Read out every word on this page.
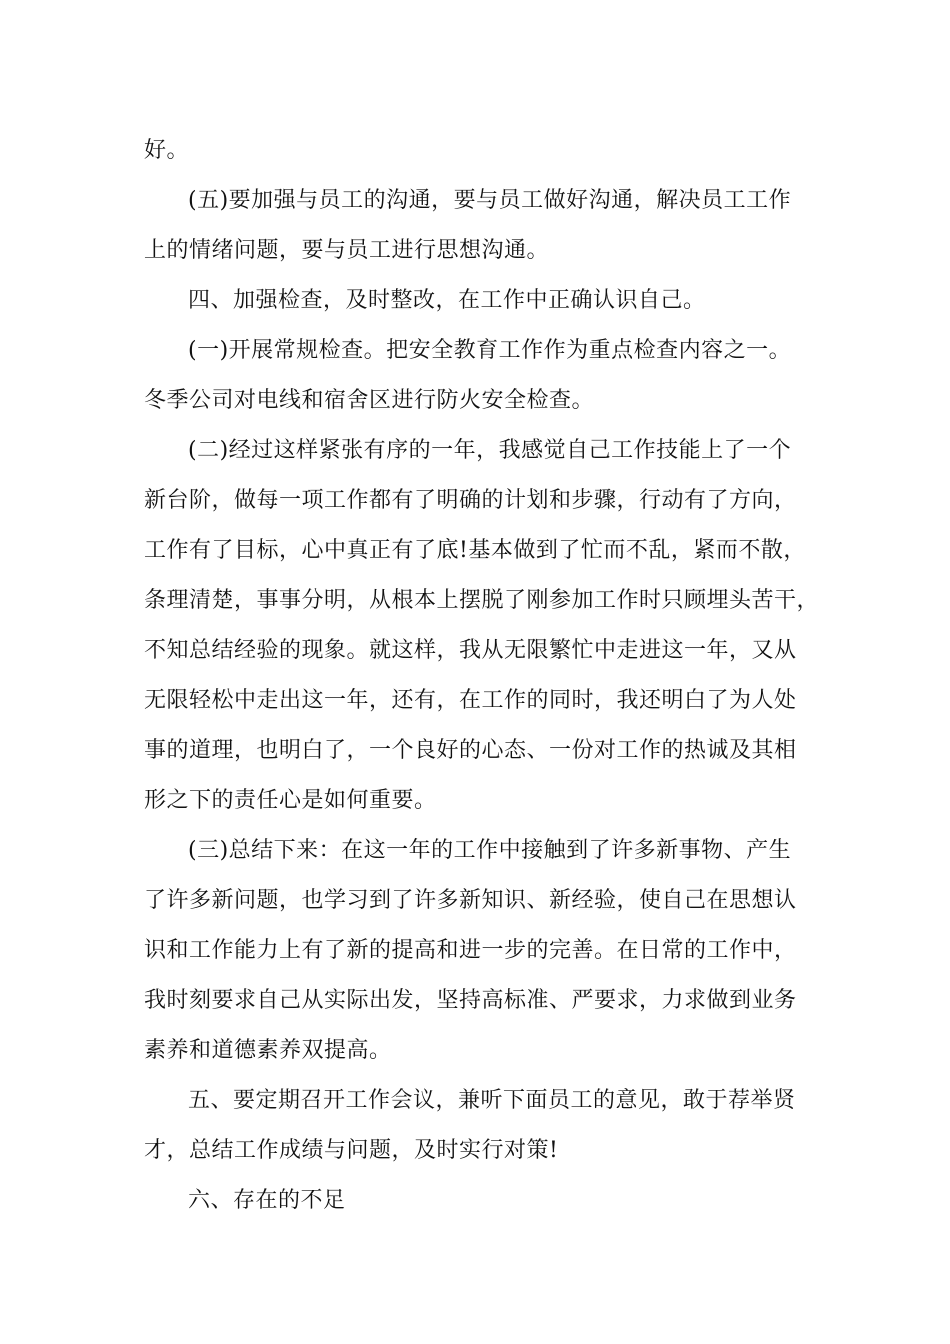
好。
(五)要加强与员工的沟通，要与员工做好沟通，解决员工工作
上的情绪问题，要与员工进行思想沟通。
四、加强检查，及时整改，在工作中正确认识自己。
(一)开展常规检查。把安全教育工作作为重点检查内容之一。
冬季公司对电线和宿舍区进行防火安全检查。
(二)经过这样紧张有序的一年，我感觉自己工作技能上了一个
新台阶，做每一项工作都有了明确的计划和步骤，行动有了方向，
工作有了目标，心中真正有了底!基本做到了忙而不乱，紧而不散，
条理清楚，事事分明，从根本上摆脱了刚参加工作时只顾埋头苦干，
不知总结经验的现象。就这样，我从无限繁忙中走进这一年，又从
无限轻松中走出这一年，还有，在工作的同时，我还明白了为人处
事的道理，也明白了，一个良好的心态、一份对工作的热诚及其相
形之下的责任心是如何重要。
(三)总结下来：在这一年的工作中接触到了许多新事物、产生
了许多新问题，也学习到了许多新知识、新经验，使自己在思想认
识和工作能力上有了新的提高和进一步的完善。在日常的工作中，
我时刻要求自己从实际出发，坚持高标准、严要求，力求做到业务
素养和道德素养双提高。
五、要定期召开工作会议，兼听下面员工的意见，敢于荐举贤
才，总结工作成绩与问题，及时实行对策!
六、存在的不足
